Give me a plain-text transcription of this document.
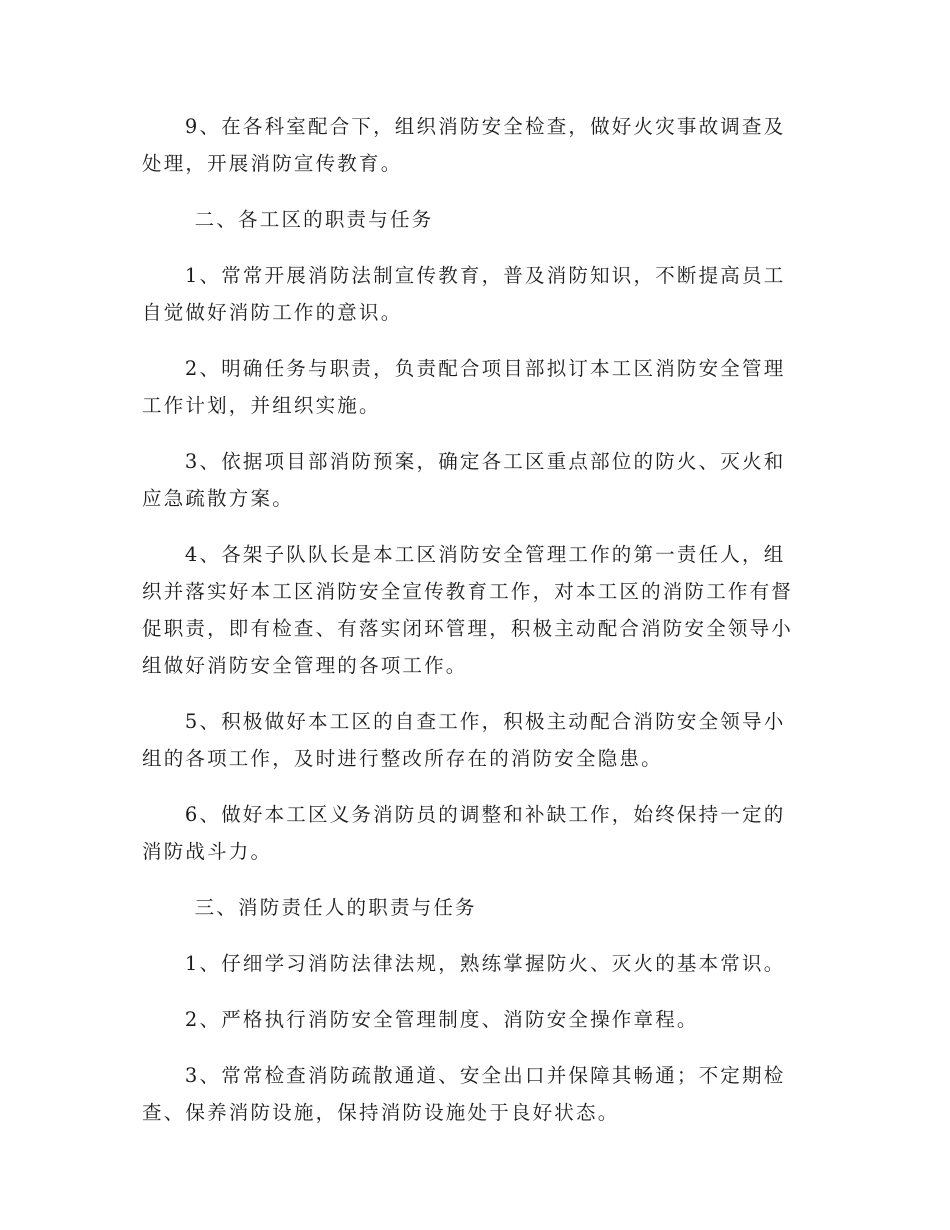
9、在各科室配合下，组织消防安全检查，做好火灾事故调查及处理，开展消防宣传教育。

二、各工区的职责与任务

1、常常开展消防法制宣传教育，普及消防知识，不断提高员工自觉做好消防工作的意识。

2、明确任务与职责，负责配合项目部拟订本工区消防安全管理工作计划，并组织实施。

3、依据项目部消防预案，确定各工区重点部位的防火、灭火和应急疏散方案。

4、各架子队队长是本工区消防安全管理工作的第一责任人，组织并落实好本工区消防安全宣传教育工作，对本工区的消防工作有督促职责，即有检查、有落实闭环管理，积极主动配合消防安全领导小组做好消防安全管理的各项工作。

5、积极做好本工区的自查工作，积极主动配合消防安全领导小组的各项工作，及时进行整改所存在的消防安全隐患。

6、做好本工区义务消防员的调整和补缺工作，始终保持一定的消防战斗力。

三、消防责任人的职责与任务

1、仔细学习消防法律法规，熟练掌握防火、灭火的基本常识。

2、严格执行消防安全管理制度、消防安全操作章程。

3、常常检查消防疏散通道、安全出口并保障其畅通；不定期检查、保养消防设施，保持消防设施处于良好状态。
